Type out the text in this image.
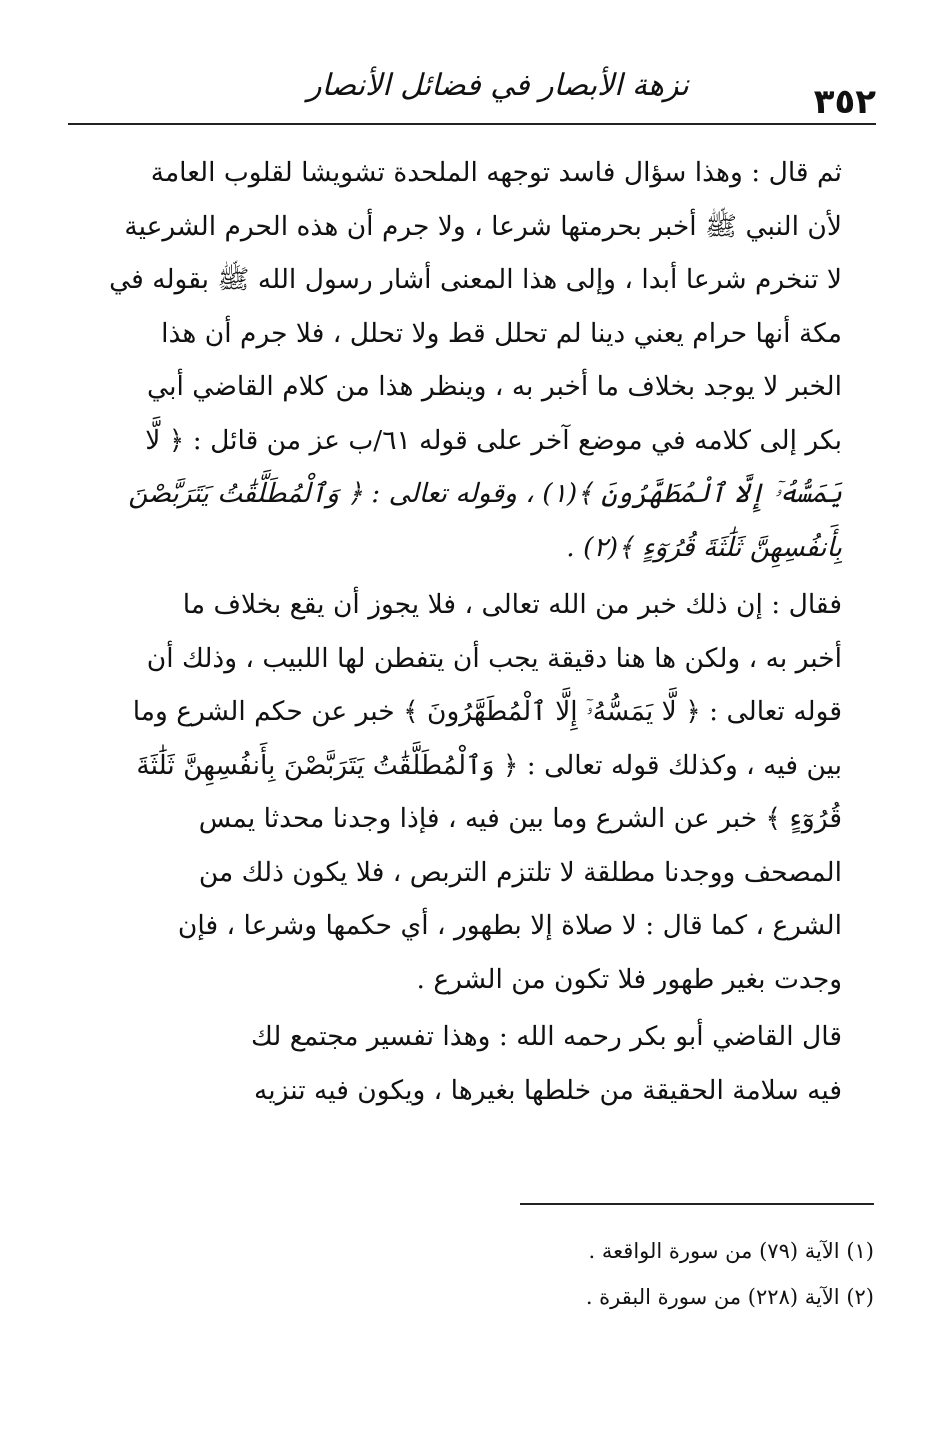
٣٥٢
نزهة الأبصار في فضائل الأنصار

ثم قال : وهذا سؤال فاسد توجهه الملحدة تشويشا لقلوب العامة
لأن النبي ﷺ أخبر بحرمتها شرعا ، ولا جرم أن هذه الحرم الشرعية
لا تنخرم شرعا أبدا ، وإلى هذا المعنى أشار رسول الله ﷺ بقوله في
مكة أنها حرام يعني دينا لم تحلل قط ولا تحلل ، فلا جرم أن هذا
الخبر لا يوجد بخلاف ما أخبر به ، وينظر هذا من كلام القاضي أبي
بكر إلى كلامه في موضع آخر على قوله ٦١/ب عز من قائل : ﴿ لَّا
يَمَسُّهُۥٓ إِلَّا ٱلْمُطَهَّرُونَ ﴾(١) ، وقوله تعالى : ﴿ وَٱلْمُطَلَّقَٰتُ يَتَرَبَّصْنَ
بِأَنفُسِهِنَّ ثَلَٰثَةَ قُرُوٓءٍ ﴾(٢) .

فقال : إن ذلك خبر من الله تعالى ، فلا يجوز أن يقع بخلاف ما
أخبر به ، ولكن ها هنا دقيقة يجب أن يتفطن لها اللبيب ، وذلك أن
قوله تعالى : ﴿ لَّا يَمَسُّهُۥٓ إِلَّا ٱلْمُطَهَّرُونَ ﴾ خبر عن حكم الشرع وما
بين فيه ، وكذلك قوله تعالى : ﴿ وَٱلْمُطَلَّقَٰتُ يَتَرَبَّصْنَ بِأَنفُسِهِنَّ ثَلَٰثَةَ
قُرُوٓءٍ ﴾ خبر عن الشرع وما بين فيه ، فإذا وجدنا محدثا يمس
المصحف ووجدنا مطلقة لا تلتزم التربص ، فلا يكون ذلك من
الشرع ، كما قال : لا صلاة إلا بطهور ، أي حكمها وشرعا ، فإن
وجدت بغير طهور فلا تكون من الشرع .

قال القاضي أبو بكر رحمه الله : وهذا تفسير مجتمع لك
فيه سلامة الحقيقة من خلطها بغيرها ، ويكون فيه تنزيه

(١) الآية (٧٩) من سورة الواقعة .
(٢) الآية (٢٢٨) من سورة البقرة .
